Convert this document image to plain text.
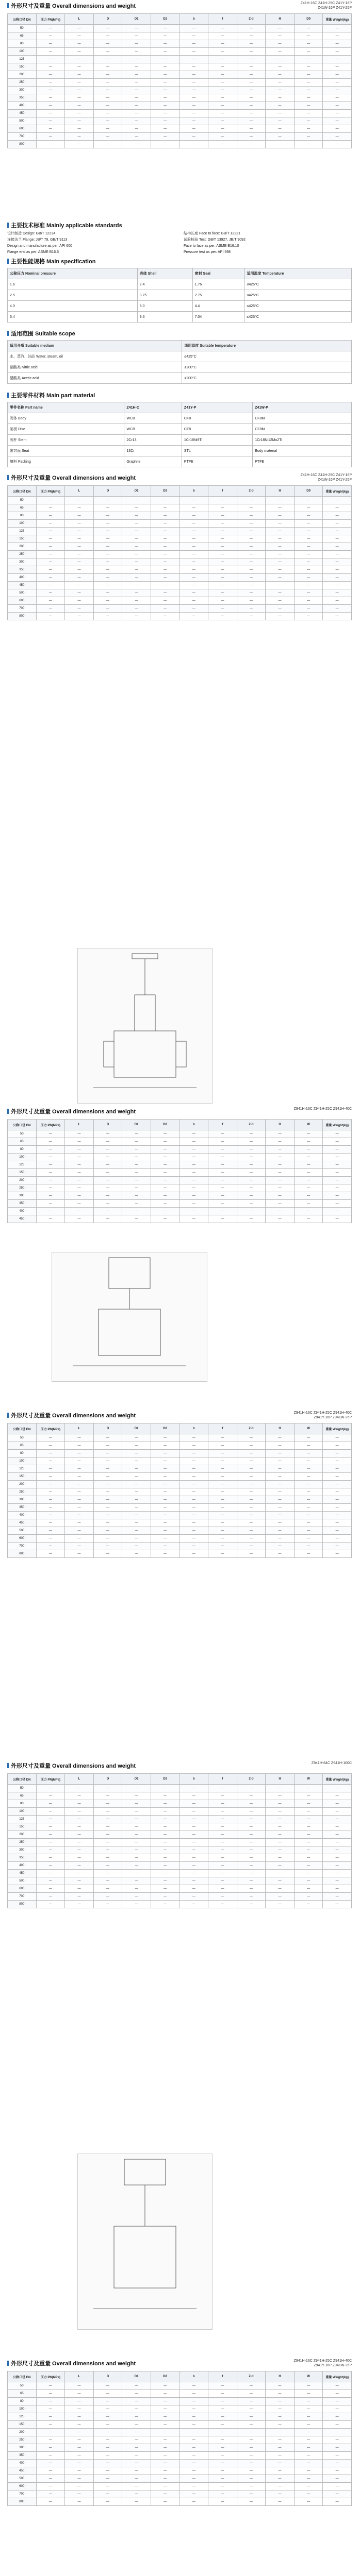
外形尺寸及重量 Overall dimensions and weight	Z41H-16C Z41H-25C Z41Y-16P
Z41W-16P Z41Y-25P
公称口径 DN	压力 PN(MPa)	L	D	D1	D2	b	f	Z-d	H	D0	重量 Weight(kg)
50	—	—	—	—	—	—	—	—	—	—	—
65	—	—	—	—	—	—	—	—	—	—	—
80	—	—	—	—	—	—	—	—	—	—	—
100	—	—	—	—	—	—	—	—	—	—	—
125	—	—	—	—	—	—	—	—	—	—	—
150	—	—	—	—	—	—	—	—	—	—	—
200	—	—	—	—	—	—	—	—	—	—	—
250	—	—	—	—	—	—	—	—	—	—	—
300	—	—	—	—	—	—	—	—	—	—	—
350	—	—	—	—	—	—	—	—	—	—	—
400	—	—	—	—	—	—	—	—	—	—	—
450	—	—	—	—	—	—	—	—	—	—	—
500	—	—	—	—	—	—	—	—	—	—	—
600	—	—	—	—	—	—	—	—	—	—	—
700	—	—	—	—	—	—	—	—	—	—	—
800	—	—	—	—	—	—	—	—	—	—	—
主要技术标准 Mainly applicable standards
设计制造 Design: GB/T 12234	结构长度 Face to face: GB/T 12221
连接法兰 Flange: JB/T 79, GB/T 9113	试验检验 Test: GB/T 13927, JB/T 9092
Design and manufacture as per: API 600	Face to face as per: ASME B16.10
Flange end as per: ASME B16.5	Pressure test as per: API 598
主要性能规格 Main specification
公称压力 Nominal pressure	壳体 Shell	密封 Seal	适用温度 Temperature
1.6	2.4	1.76	≤425°C
2.5	3.75	2.75	≤425°C
4.0	6.0	4.4	≤425°C
6.4	9.6	7.04	≤425°C
适用范围 Suitable scope
适用介质 Suitable medium	适用温度 Suitable temperature
水、蒸汽、油品 Water, steam, oil	≤425°C
硝酸类 Nitric acid	≤200°C
醋酸类 Acetic acid	≤200°C
主要零件材料 Main part material
零件名称 Part name	Z41H-C	Z41Y-P	Z41W-P
阀体 Body	WCB	CF8	CF8M
闸板 Disc	WCB	CF8	CF8M
阀杆 Stem	2Cr13	1Cr18Ni9Ti	1Cr18Ni12Mo2Ti
密封面 Seat	13Cr	STL	Body material
填料 Packing	Graphite	PTFE	PTFE
外形尺寸及重量 Overall dimensions and weight	Z41H-16C Z41H-25C Z41Y-16P
Z41W-16P Z41Y-25P
公称口径 DN	压力 PN(MPa)	L	D	D1	D2	b	f	Z-d	H	D0	重量 Weight(kg)
50	—	—	—	—	—	—	—	—	—	—	—
65	—	—	—	—	—	—	—	—	—	—	—
80	—	—	—	—	—	—	—	—	—	—	—
100	—	—	—	—	—	—	—	—	—	—	—
125	—	—	—	—	—	—	—	—	—	—	—
150	—	—	—	—	—	—	—	—	—	—	—
200	—	—	—	—	—	—	—	—	—	—	—
250	—	—	—	—	—	—	—	—	—	—	—
300	—	—	—	—	—	—	—	—	—	—	—
350	—	—	—	—	—	—	—	—	—	—	—
400	—	—	—	—	—	—	—	—	—	—	—
450	—	—	—	—	—	—	—	—	—	—	—
500	—	—	—	—	—	—	—	—	—	—	—
600	—	—	—	—	—	—	—	—	—	—	—
700	—	—	—	—	—	—	—	—	—	—	—
800	—	—	—	—	—	—	—	—	—	—	—
外形尺寸及重量 Overall dimensions and weight	Z941H-16C Z941H-25C Z941H-40C
公称口径 DN	压力 PN(MPa)	L	D	D1	D2	b	f	Z-d	H	W	重量 Weight(kg)
50	—	—	—	—	—	—	—	—	—	—	—
65	—	—	—	—	—	—	—	—	—	—	—
80	—	—	—	—	—	—	—	—	—	—	—
100	—	—	—	—	—	—	—	—	—	—	—
125	—	—	—	—	—	—	—	—	—	—	—
150	—	—	—	—	—	—	—	—	—	—	—
200	—	—	—	—	—	—	—	—	—	—	—
250	—	—	—	—	—	—	—	—	—	—	—
300	—	—	—	—	—	—	—	—	—	—	—
350	—	—	—	—	—	—	—	—	—	—	—
400	—	—	—	—	—	—	—	—	—	—	—
450	—	—	—	—	—	—	—	—	—	—	—
外形尺寸及重量 Overall dimensions and weight	Z941H-16C Z941H-25C Z941H-40C
Z941Y-16P Z941W-25P
公称口径 DN	压力 PN(MPa)	L	D	D1	D2	b	f	Z-d	H	W	重量 Weight(kg)
50	—	—	—	—	—	—	—	—	—	—	—
65	—	—	—	—	—	—	—	—	—	—	—
80	—	—	—	—	—	—	—	—	—	—	—
100	—	—	—	—	—	—	—	—	—	—	—
125	—	—	—	—	—	—	—	—	—	—	—
150	—	—	—	—	—	—	—	—	—	—	—
200	—	—	—	—	—	—	—	—	—	—	—
250	—	—	—	—	—	—	—	—	—	—	—
300	—	—	—	—	—	—	—	—	—	—	—
350	—	—	—	—	—	—	—	—	—	—	—
400	—	—	—	—	—	—	—	—	—	—	—
450	—	—	—	—	—	—	—	—	—	—	—
500	—	—	—	—	—	—	—	—	—	—	—
600	—	—	—	—	—	—	—	—	—	—	—
700	—	—	—	—	—	—	—	—	—	—	—
800	—	—	—	—	—	—	—	—	—	—	—
外形尺寸及重量 Overall dimensions and weight	Z941H-64C Z941H-100C
公称口径 DN	压力 PN(MPa)	L	D	D1	D2	b	f	Z-d	H	W	重量 Weight(kg)
50	—	—	—	—	—	—	—	—	—	—	—
65	—	—	—	—	—	—	—	—	—	—	—
80	—	—	—	—	—	—	—	—	—	—	—
100	—	—	—	—	—	—	—	—	—	—	—
125	—	—	—	—	—	—	—	—	—	—	—
150	—	—	—	—	—	—	—	—	—	—	—
200	—	—	—	—	—	—	—	—	—	—	—
250	—	—	—	—	—	—	—	—	—	—	—
300	—	—	—	—	—	—	—	—	—	—	—
350	—	—	—	—	—	—	—	—	—	—	—
400	—	—	—	—	—	—	—	—	—	—	—
450	—	—	—	—	—	—	—	—	—	—	—
500	—	—	—	—	—	—	—	—	—	—	—
600	—	—	—	—	—	—	—	—	—	—	—
700	—	—	—	—	—	—	—	—	—	—	—
800	—	—	—	—	—	—	—	—	—	—	—
外形尺寸及重量 Overall dimensions and weight	Z941H-16C Z941H-25C Z941H-40C
Z941Y-16P Z941W-25P
公称口径 DN	压力 PN(MPa)	L	D	D1	D2	b	f	Z-d	H	W	重量 Weight(kg)
50	—	—	—	—	—	—	—	—	—	—	—
65	—	—	—	—	—	—	—	—	—	—	—
80	—	—	—	—	—	—	—	—	—	—	—
100	—	—	—	—	—	—	—	—	—	—	—
125	—	—	—	—	—	—	—	—	—	—	—
150	—	—	—	—	—	—	—	—	—	—	—
200	—	—	—	—	—	—	—	—	—	—	—
250	—	—	—	—	—	—	—	—	—	—	—
300	—	—	—	—	—	—	—	—	—	—	—
350	—	—	—	—	—	—	—	—	—	—	—
400	—	—	—	—	—	—	—	—	—	—	—
450	—	—	—	—	—	—	—	—	—	—	—
500	—	—	—	—	—	—	—	—	—	—	—
600	—	—	—	—	—	—	—	—	—	—	—
700	—	—	—	—	—	—	—	—	—	—	—
800	—	—	—	—	—	—	—	—	—	—	—
